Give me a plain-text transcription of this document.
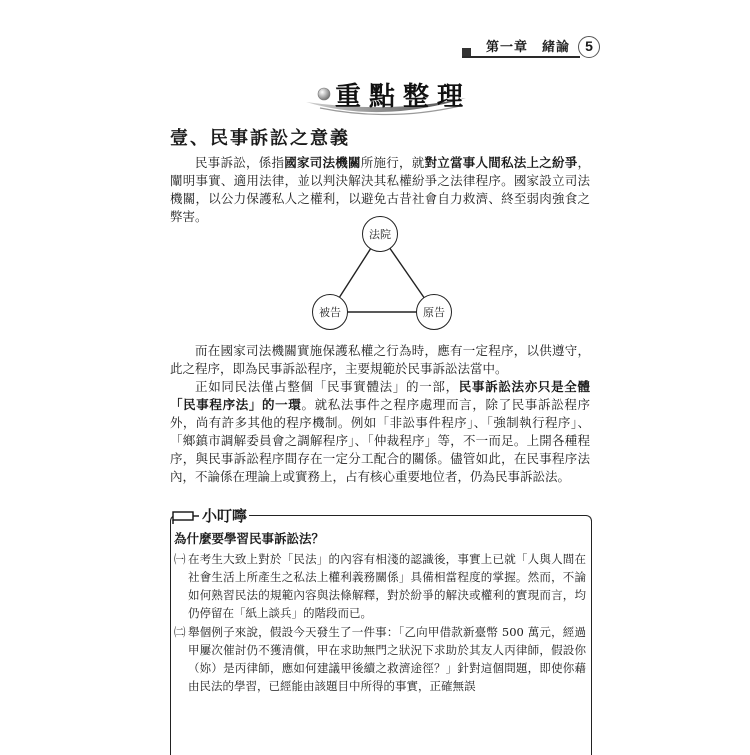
第一章　緒論	5
重點整理
壹、民事訴訟之意義
民事訴訟，係指國家司法機關所施行，就對立當事人間私法上之紛爭，闡明事實、適用法律，並以判決解決其私權紛爭之法律程序。國家設立司法機關，以公力保護私人之權利，以避免古昔社會自力救濟、終至弱肉強食之弊害。
法院
被告	原告
而在國家司法機關實施保護私權之行為時，應有一定程序，以供遵守，此之程序，即為民事訴訟程序，主要規範於民事訴訟法當中。
正如同民法僅占整個「民事實體法」的一部，民事訴訟法亦只是全體「民事程序法」的一環。就私法事件之程序處理而言，除了民事訴訟程序外，尚有許多其他的程序機制。例如「非訟事件程序」、「強制執行程序」、「鄉鎮市調解委員會之調解程序」、「仲裁程序」等，不一而足。上開各種程序，與民事訴訟程序間存在一定分工配合的關係。儘管如此，在民事程序法內，不論係在理論上或實務上，占有核心重要地位者，仍為民事訴訟法。
小叮嚀
為什麼要學習民事訴訟法？
㈠ 在考生大致上對於「民法」的內容有相淺的認識後，事實上已就「人與人間在社會生活上所產生之私法上權利義務關係」具備相當程度的掌握。然而，不論如何熟習民法的規範內容與法條解釋，對於紛爭的解決或權利的實現而言，均仍停留在「紙上談兵」的階段而已。
㈡ 舉個例子來說，假設今天發生了一件事：「乙向甲借款新臺幣 500 萬元，經過甲屢次催討仍不獲清償，甲在求助無門之狀況下求助於其友人丙律師，假設你（妳）是丙律師，應如何建議甲後續之救濟途徑？」針對這個問題，即使你藉由民法的學習，已經能由該題目中所得的事實，正確無誤
